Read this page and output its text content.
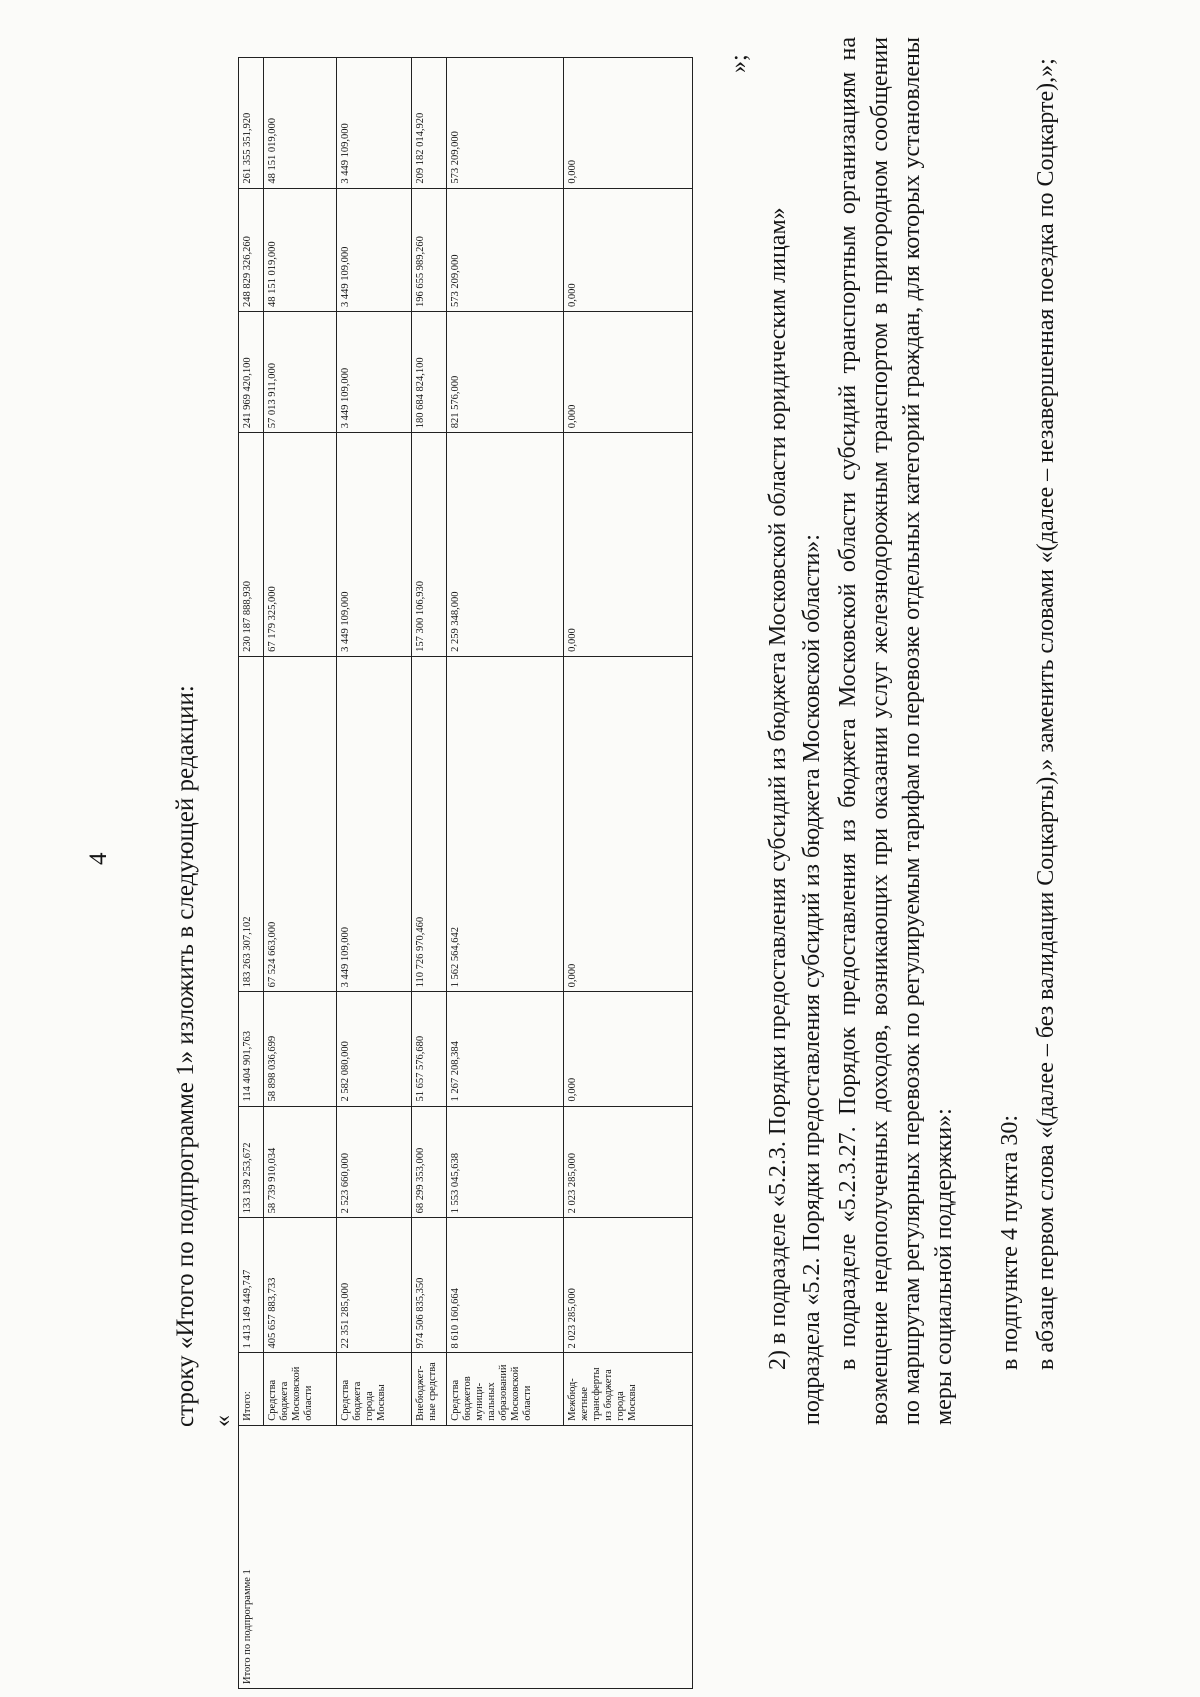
4 строку «Итого по подпрограмме 1» изложить в следующей редакции: «
Итого по подпрограмме 1	Итого:	1 413 149 449,747	133 139 253,672	114 404 901,763	183 263 307,102	230 187 888,930	241 969 420,100	248 829 326,260	261 355 351,920
	Средства бюджета Московской области	405 657 883,733	58 739 910,034	58 898 036,699	67 524 663,000	67 179 325,000	57 013 911,000	48 151 019,000	48 151 019,000
	Средства бюджета города Москвы	22 351 285,000	2 523 660,000	2 582 080,000	3 449 109,000	3 449 109,000	3 449 109,000	3 449 109,000	3 449 109,000
	Внебюджет-ные средства	974 506 835,350	68 299 353,000	51 657 576,680	110 726 970,460	157 300 106,930	180 684 824,100	196 655 989,260	209 182 014,920
	Средства бюджетов муници-пальных образований Московской области	8 610 160,664	1 553 045,638	1 267 208,384	1 562 564,642	2 259 348,000	821 576,000	573 209,000	573 209,000
	Межбюд-жетные трансферты из бюджета города Москвы	2 023 285,000	2 023 285,000	0,000	0,000	0,000	0,000	0,000	0,000
»;
2) в подразделе «5.2.3. Порядки предоставления субсидий из бюджета Московской области юридическим лицам» подраздела «5.2. Порядки предоставления субсидий из бюджета Московской области»: в подразделе «5.2.3.27. Порядок предоставления из бюджета Московской области субсидий транспортным организациям на возмещение недополученных доходов, возникающих при оказании услуг железнодорожным транспортом в пригородном сообщении по маршрутам регулярных перевозок по регулируемым тарифам по перевозке отдельных категорий граждан, для которых установлены меры социальной поддержки»: в подпункте 4 пункта 30: в абзаце первом слова «(далее – без валидации Соцкарты),» заменить словами «(далее – незавершенная поездка по Соцкарте),»;
